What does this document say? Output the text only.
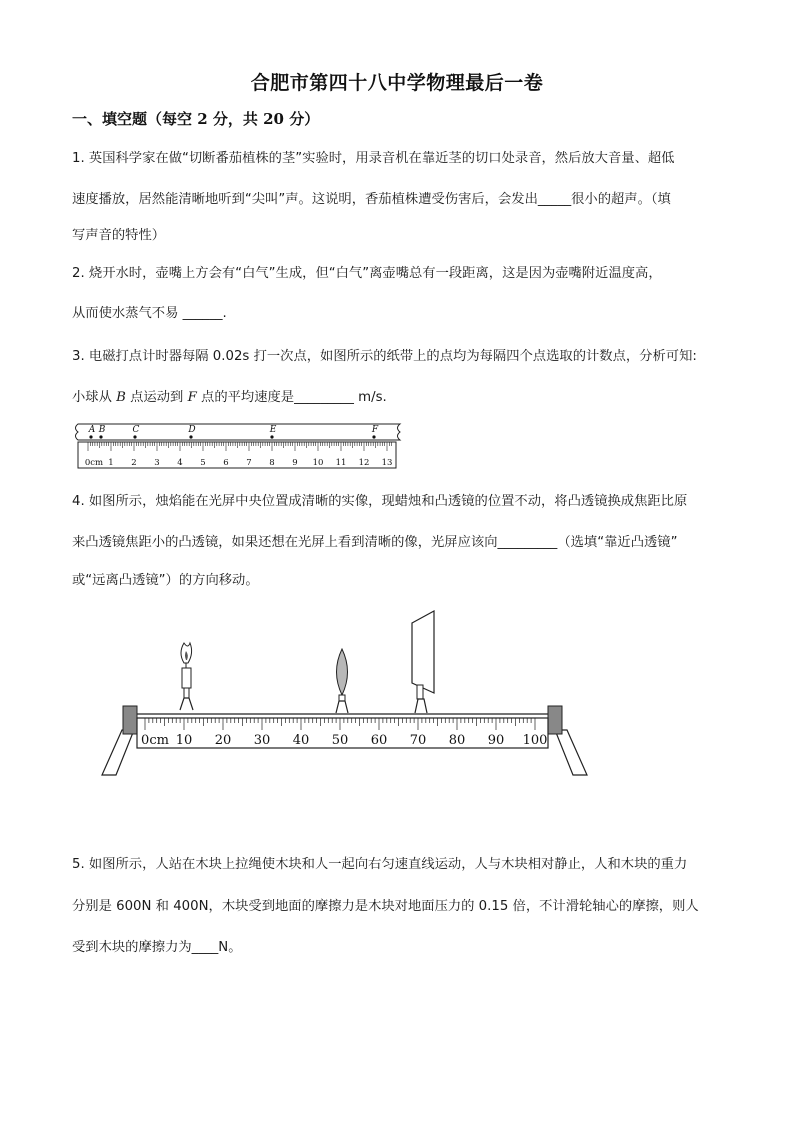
合肥市第四十八中学物理最后一卷
一、填空题（每空 2 分，共 20 分）
1. 英国科学家在做“切断番茄植株的茎”实验时，用录音机在靠近茎的切口处录音，然后放大音量、超低
速度播放，居然能清晰地听到“尖叫”声。这说明，香茄植株遭受伤害后，会发出_____很小的超声。（填
写声音的特性）
2. 烧开水时，壶嘴上方会有“白气”生成，但“白气”离壶嘴总有一段距离，这是因为壶嘴附近温度高，
从而使水蒸气不易 ______.
3. 电磁打点计时器每隔 0.02s 打一次点，如图所示的纸带上的点均为每隔四个点选取的计数点，分析可知:
小球从 B 点运动到 F 点的平均速度是_________ m/s.
A B	C	D	E	F
0cm 1 2 3 4 5 6 7 8 9 10 11 12 13
4. 如图所示，烛焰能在光屏中央位置成清晰的实像，现蜡烛和凸透镜的位置不动，将凸透镜换成焦距比原
来凸透镜焦距小的凸透镜，如果还想在光屏上看到清晰的像，光屏应该向_________（选填“靠近凸透镜”
或“远离凸透镜”）的方向移动。
0cm 10 20 30 40 50 60 70 80 90 100
5. 如图所示，人站在木块上拉绳使木块和人一起向右匀速直线运动，人与木块相对静止，人和木块的重力
分别是 600N 和 400N，木块受到地面的摩擦力是木块对地面压力的 0.15 倍，不计滑轮轴心的摩擦，则人
受到木块的摩擦力为____N。
